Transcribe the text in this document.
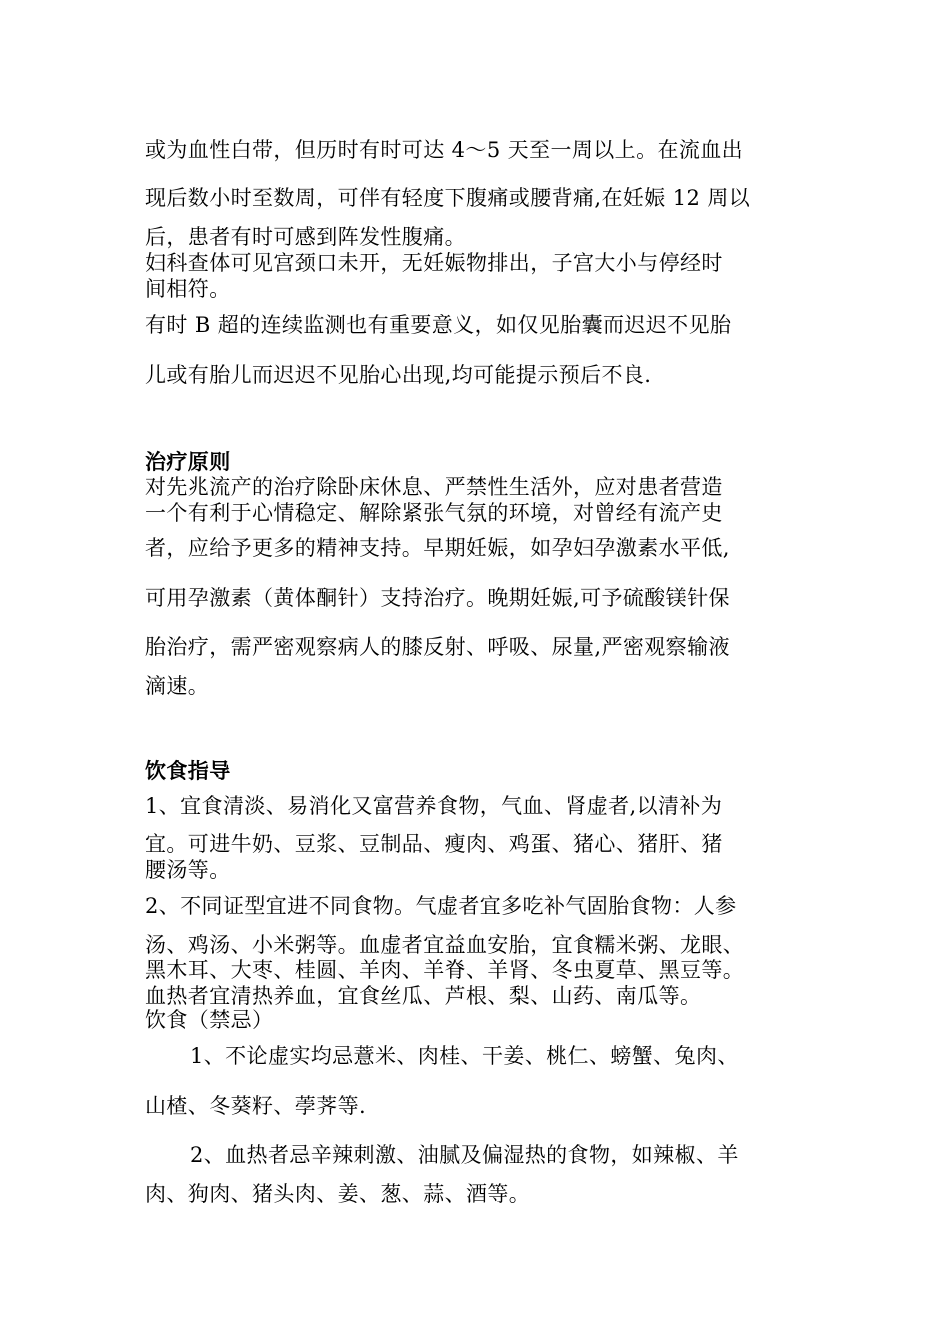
或为血性白带，但历时有时可达 4～5 天至一周以上。在流血出

现后数小时至数周，可伴有轻度下腹痛或腰背痛,在妊娠 12 周以

后，患者有时可感到阵发性腹痛。

妇科查体可见宫颈口未开，无妊娠物排出，子宫大小与停经时

间相符。

有时 B 超的连续监测也有重要意义，如仅见胎囊而迟迟不见胎

儿或有胎儿而迟迟不见胎心出现,均可能提示预后不良.

治疗原则

对先兆流产的治疗除卧床休息、严禁性生活外，应对患者营造

一个有利于心情稳定、解除紧张气氛的环境，对曾经有流产史

者，应给予更多的精神支持。早期妊娠，如孕妇孕激素水平低,

可用孕激素（黄体酮针）支持治疗。晚期妊娠,可予硫酸镁针保

胎治疗，需严密观察病人的膝反射、呼吸、尿量,严密观察输液

滴速。

饮食指导

1、宜食清淡、易消化又富营养食物，气血、肾虚者,以清补为

宜。可进牛奶、豆浆、豆制品、瘦肉、鸡蛋、猪心、猪肝、猪

腰汤等。

2、不同证型宜进不同食物。气虚者宜多吃补气固胎食物：人参

汤、鸡汤、小米粥等。血虚者宜益血安胎，宜食糯米粥、龙眼、

黑木耳、大枣、桂圆、羊肉、羊脊、羊肾、冬虫夏草、黑豆等。

血热者宜清热养血，宜食丝瓜、芦根、梨、山药、南瓜等。

饮食（禁忌）

1、不论虚实均忌薏米、肉桂、干姜、桃仁、螃蟹、兔肉、

山楂、冬葵籽、荸荠等.

2、血热者忌辛辣刺激、油腻及偏湿热的食物，如辣椒、羊

肉、狗肉、猪头肉、姜、葱、蒜、酒等。
